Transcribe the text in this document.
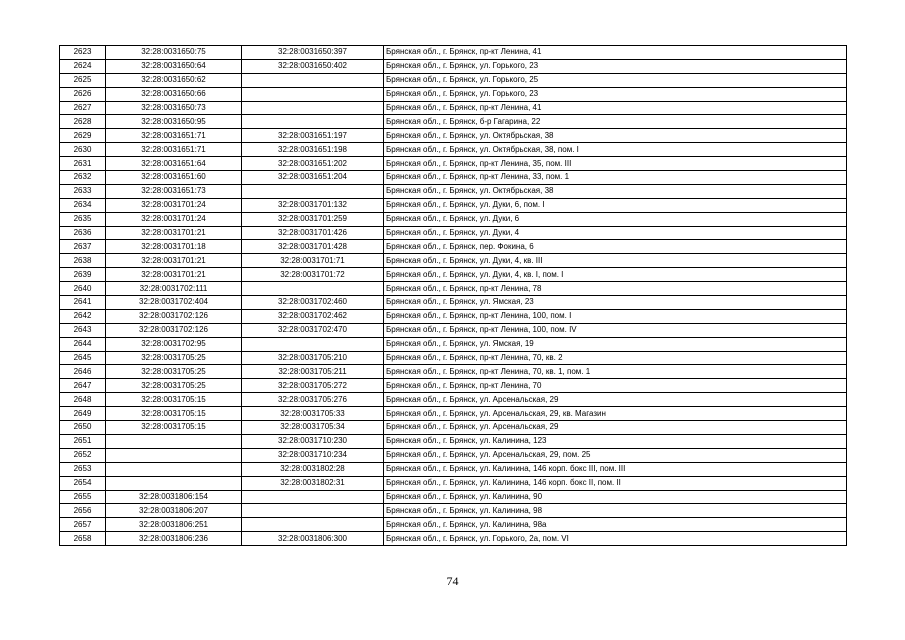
2623	32:28:0031650:75	32:28:0031650:397	Брянская обл., г. Брянск, пр-кт Ленина, 41
2624	32:28:0031650:64	32:28:0031650:402	Брянская обл., г. Брянск, ул. Горького, 23
2625	32:28:0031650:62		Брянская обл., г. Брянск, ул. Горького, 25
2626	32:28:0031650:66		Брянская обл., г. Брянск, ул. Горького, 23
2627	32:28:0031650:73		Брянская обл., г. Брянск, пр-кт Ленина, 41
2628	32:28:0031650:95		Брянская обл., г. Брянск, б-р Гагарина, 22
2629	32:28:0031651:71	32:28:0031651:197	Брянская обл., г. Брянск, ул. Октябрьская, 38
2630	32:28:0031651:71	32:28:0031651:198	Брянская обл., г. Брянск, ул. Октябрьская, 38, пом. I
2631	32:28:0031651:64	32:28:0031651:202	Брянская обл., г. Брянск, пр-кт Ленина, 35, пом. III
2632	32:28:0031651:60	32:28:0031651:204	Брянская обл., г. Брянск, пр-кт Ленина, 33, пом. 1
2633	32:28:0031651:73		Брянская обл., г. Брянск, ул. Октябрьская, 38
2634	32:28:0031701:24	32:28:0031701:132	Брянская обл., г. Брянск, ул. Дуки, 6, пом. I
2635	32:28:0031701:24	32:28:0031701:259	Брянская обл., г. Брянск, ул. Дуки, 6
2636	32:28:0031701:21	32:28:0031701:426	Брянская обл., г. Брянск, ул. Дуки, 4
2637	32:28:0031701:18	32:28:0031701:428	Брянская обл., г. Брянск, пер. Фокина, 6
2638	32:28:0031701:21	32:28:0031701:71	Брянская обл., г. Брянск, ул. Дуки, 4, кв. III
2639	32:28:0031701:21	32:28:0031701:72	Брянская обл., г. Брянск, ул. Дуки, 4, кв. I, пом. I
2640	32:28:0031702:111		Брянская обл., г. Брянск, пр-кт Ленина, 78
2641	32:28:0031702:404	32:28:0031702:460	Брянская обл., г. Брянск, ул. Ямская, 23
2642	32:28:0031702:126	32:28:0031702:462	Брянская обл., г. Брянск, пр-кт Ленина, 100, пом. I
2643	32:28:0031702:126	32:28:0031702:470	Брянская обл., г. Брянск, пр-кт Ленина, 100, пом. IV
2644	32:28:0031702:95		Брянская обл., г. Брянск, ул. Ямская, 19
2645	32:28:0031705:25	32:28:0031705:210	Брянская обл., г. Брянск, пр-кт Ленина, 70, кв. 2
2646	32:28:0031705:25	32:28:0031705:211	Брянская обл., г. Брянск, пр-кт Ленина, 70, кв. 1, пом. 1
2647	32:28:0031705:25	32:28:0031705:272	Брянская обл., г. Брянск, пр-кт Ленина, 70
2648	32:28:0031705:15	32:28:0031705:276	Брянская обл., г. Брянск, ул. Арсенальская, 29
2649	32:28:0031705:15	32:28:0031705:33	Брянская обл., г. Брянск, ул. Арсенальская, 29, кв. Магазин
2650	32:28:0031705:15	32:28:0031705:34	Брянская обл., г. Брянск, ул. Арсенальская, 29
2651		32:28:0031710:230	Брянская обл., г. Брянск, ул. Калинина, 123
2652		32:28:0031710:234	Брянская обл., г. Брянск, ул. Арсенальская, 29, пом. 25
2653		32:28:0031802:28	Брянская обл., г. Брянск, ул. Калинина, 146 корп. бокс III, пом. III
2654		32:28:0031802:31	Брянская обл., г. Брянск, ул. Калинина, 146 корп. бокс II, пом. II
2655	32:28:0031806:154		Брянская обл., г. Брянск, ул. Калинина, 90
2656	32:28:0031806:207		Брянская обл., г. Брянск, ул. Калинина, 98
2657	32:28:0031806:251		Брянская обл., г. Брянск, ул. Калинина, 98а
2658	32:28:0031806:236	32:28:0031806:300	Брянская обл., г. Брянск, ул. Горького, 2а, пом. VI
74
